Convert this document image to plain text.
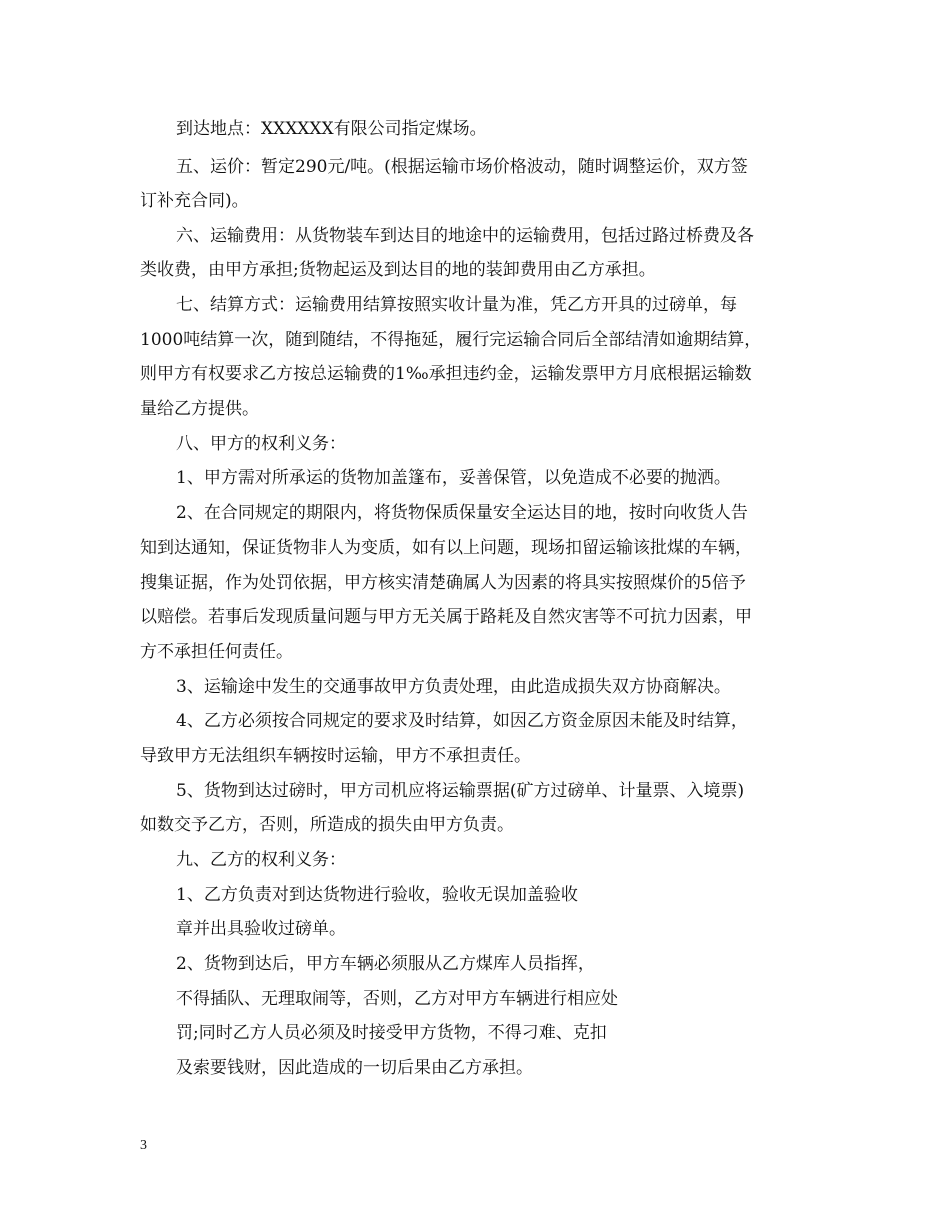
到达地点：XXXXXX有限公司指定煤场。

五、运价：暂定290元/吨。(根据运输市场价格波动，随时调整运价，双方签

订补充合同)。

六、运输费用：从货物装车到达目的地途中的运输费用，包括过路过桥费及各

类收费，由甲方承担;货物起运及到达目的地的装卸费用由乙方承担。

七、结算方式：运输费用结算按照实收计量为准，凭乙方开具的过磅单，每

1000吨结算一次，随到随结，不得拖延，履行完运输合同后全部结清如逾期结算，

则甲方有权要求乙方按总运输费的1‰承担违约金，运输发票甲方月底根据运输数

量给乙方提供。

八、甲方的权利义务：

1、甲方需对所承运的货物加盖篷布，妥善保管，以免造成不必要的抛洒。

2、在合同规定的期限内，将货物保质保量安全运达目的地，按时向收货人告

知到达通知，保证货物非人为变质，如有以上问题，现场扣留运输该批煤的车辆，

搜集证据，作为处罚依据，甲方核实清楚确属人为因素的将具实按照煤价的5倍予

以赔偿。若事后发现质量问题与甲方无关属于路耗及自然灾害等不可抗力因素，甲

方不承担任何责任。

3、运输途中发生的交通事故甲方负责处理，由此造成损失双方协商解决。

4、乙方必须按合同规定的要求及时结算，如因乙方资金原因未能及时结算，

导致甲方无法组织车辆按时运输，甲方不承担责任。

5、货物到达过磅时，甲方司机应将运输票据(矿方过磅单、计量票、入境票)

如数交予乙方，否则，所造成的损失由甲方负责。

九、乙方的权利义务：

1、乙方负责对到达货物进行验收，验收无误加盖验收

章并出具验收过磅单。

2、货物到达后，甲方车辆必须服从乙方煤库人员指挥，

不得插队、无理取闹等，否则，乙方对甲方车辆进行相应处

罚;同时乙方人员必须及时接受甲方货物，不得刁难、克扣

及索要钱财，因此造成的一切后果由乙方承担。

3
